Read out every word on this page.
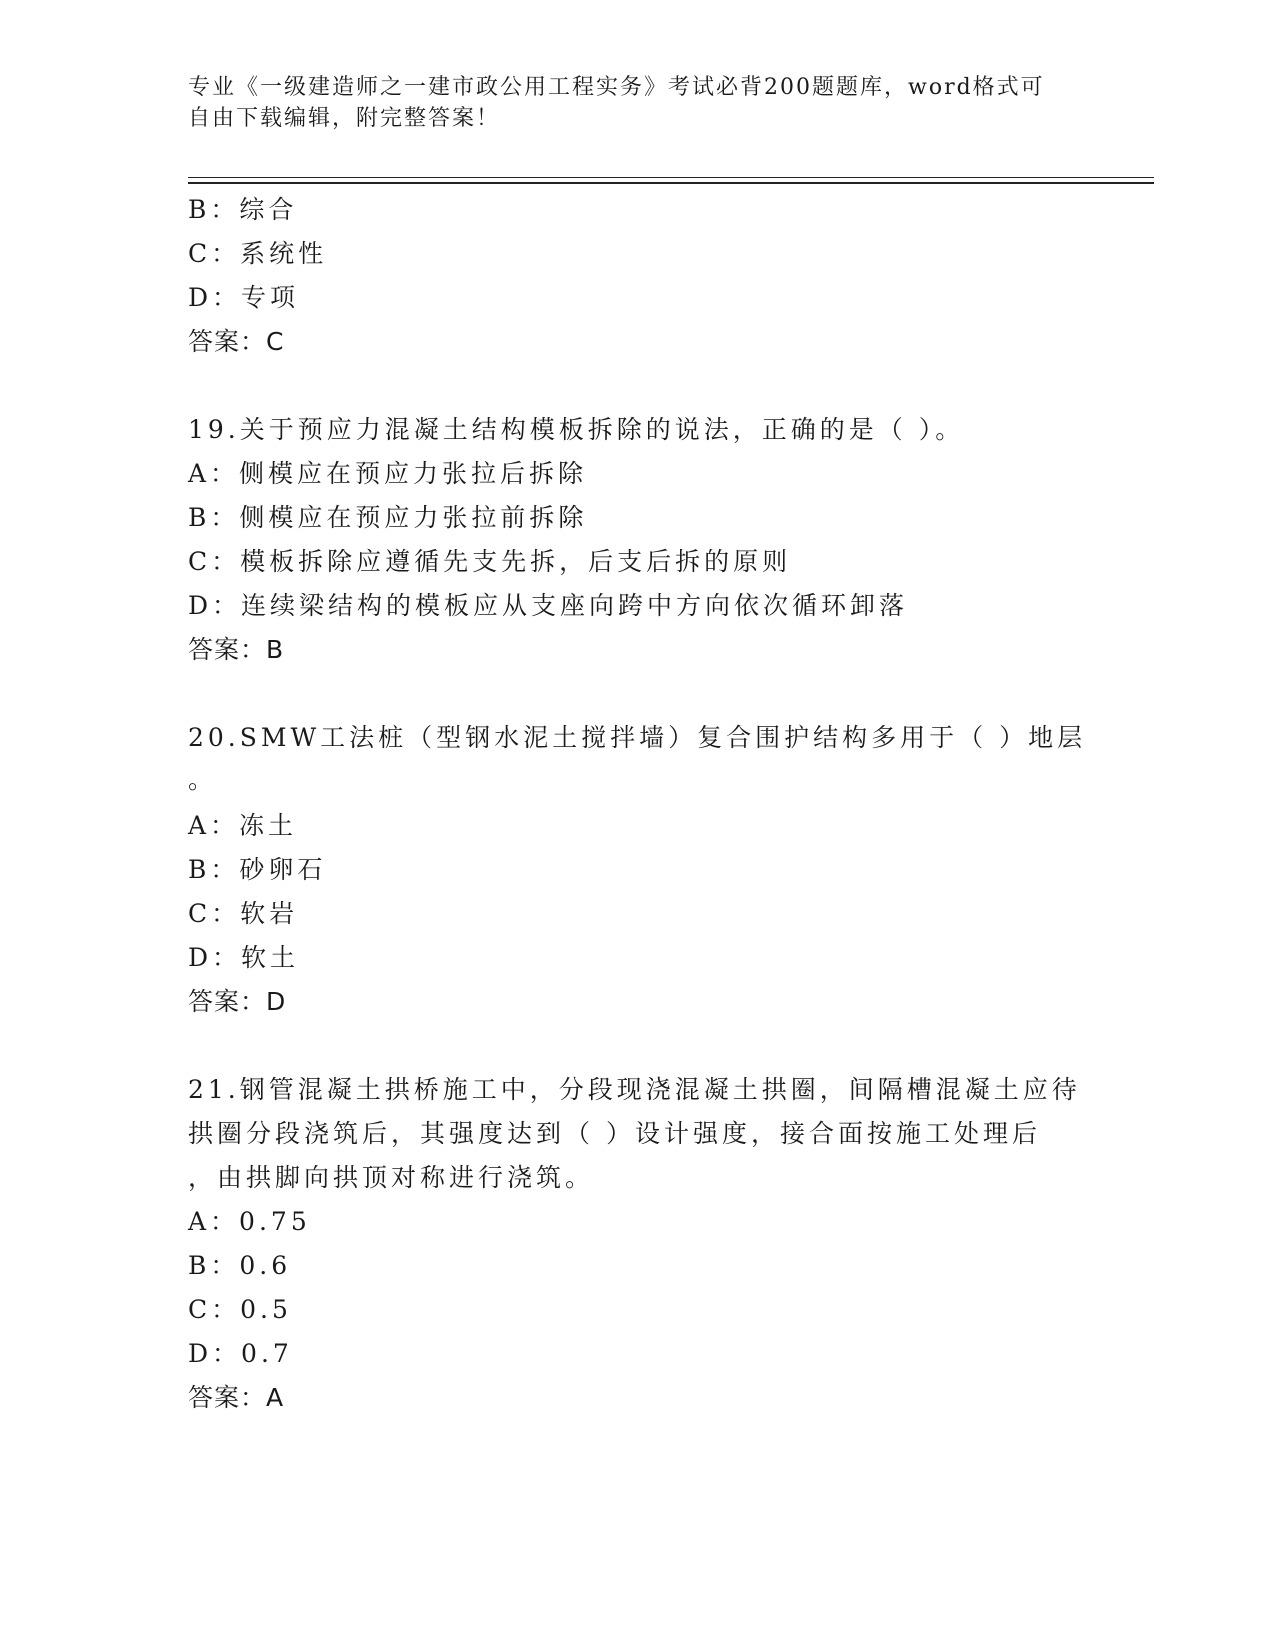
专业《一级建造师之一建市政公用工程实务》考试必背200题题库，word格式可
自由下载编辑，附完整答案！
B：综合
C：系统性
D：专项
答案：C
19.关于预应力混凝土结构模板拆除的说法，正确的是（ ）。
A：侧模应在预应力张拉后拆除
B：侧模应在预应力张拉前拆除
C：模板拆除应遵循先支先拆，后支后拆的原则
D：连续梁结构的模板应从支座向跨中方向依次循环卸落
答案：B
20.SMW工法桩（型钢水泥土搅拌墙）复合围护结构多用于（ ）地层
。
A：冻土
B：砂卵石
C：软岩
D：软土
答案：D
21.钢管混凝土拱桥施工中，分段现浇混凝土拱圈，间隔槽混凝土应待
拱圈分段浇筑后，其强度达到（ ）设计强度，接合面按施工处理后
，由拱脚向拱顶对称进行浇筑。
A：0.75
B：0.6
C：0.5
D：0.7
答案：A
